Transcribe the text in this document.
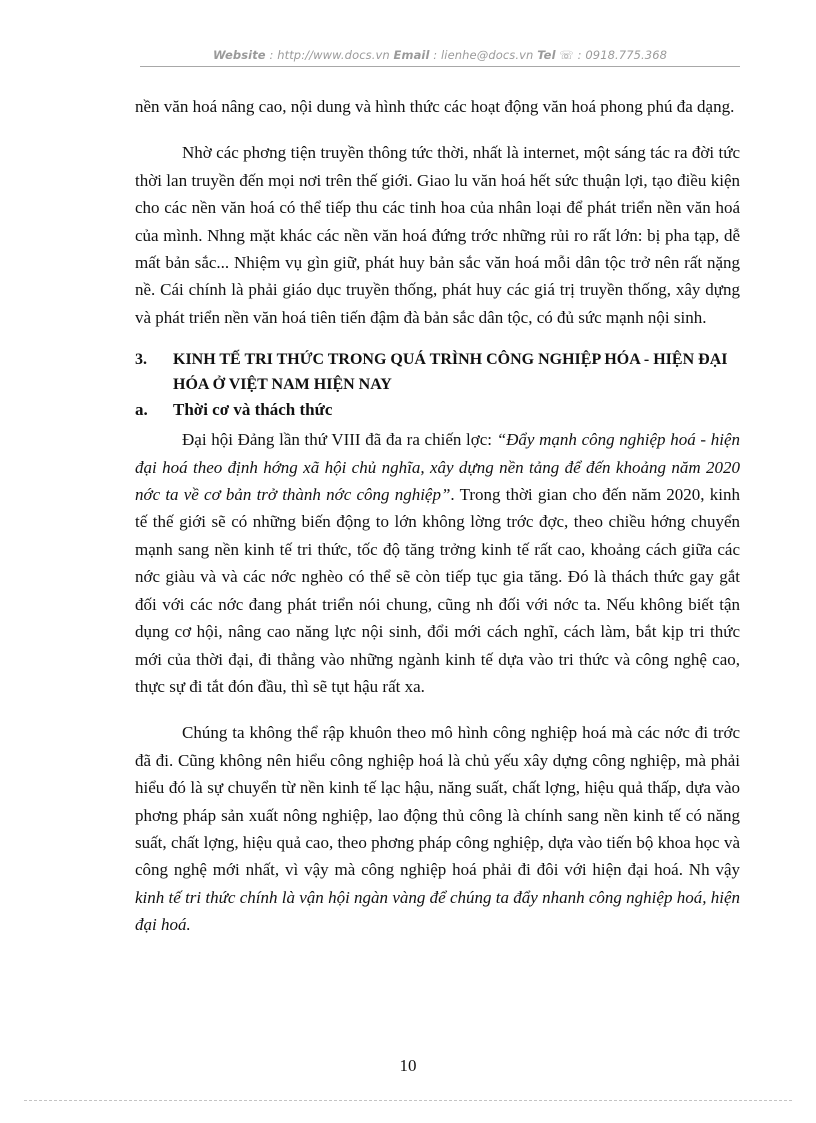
Website : http://www.docs.vn Email : lienhe@docs.vn Tel ☏ : 0918.775.368

nền văn hoá nâng cao, nội dung và hình thức các hoạt động văn hoá phong phú đa dạng.

Nhờ các phơng tiện truyền thông tức thời, nhất là internet, một sáng tác ra đời tức thời lan truyền đến mọi nơi trên thế giới. Giao lu văn hoá hết sức thuận lợi, tạo điều kiện cho các nền văn hoá có thể tiếp thu các tinh hoa của nhân loại để phát triển nền văn hoá của mình. Nhng mặt khác các nền văn hoá đứng trớc những rủi ro rất lớn: bị pha tạp, dễ mất bản sắc... Nhiệm vụ gìn giữ, phát huy bản sắc văn hoá mỗi dân tộc trở nên rất nặng nề. Cái chính là phải giáo dục truyền thống, phát huy các giá trị truyền thống, xây dựng và phát triển nền văn hoá tiên tiến đậm đà bản sắc dân tộc, có đủ sức mạnh nội sinh.

3.	KINH TẾ TRI THỨC TRONG QUÁ TRÌNH CÔNG NGHIỆP HÓA - HIỆN ĐẠI HÓA Ở VIỆT NAM HIỆN NAY
a.	Thời cơ và thách thức

Đại hội Đảng lần thứ VIII đã đa ra chiến lợc: “Đẩy mạnh công nghiệp hoá - hiện đại hoá theo định hớng xã hội chủ nghĩa, xây dựng nền tảng để đến khoảng năm 2020 nớc ta về cơ bản trở thành nớc công nghiệp”. Trong thời gian cho đến năm 2020, kinh tế thế giới sẽ có những biến động to lớn không lờng trớc đợc, theo chiều hớng chuyển mạnh sang nền kinh tế tri thức, tốc độ tăng trởng kinh tế rất cao, khoảng cách giữa các nớc giàu và và các nớc nghèo có thể sẽ còn tiếp tục gia tăng. Đó là thách thức gay gắt đối với các nớc đang phát triển nói chung, cũng nh đối với nớc ta. Nếu không biết tận dụng cơ hội, nâng cao năng lực nội sinh, đổi mới cách nghĩ, cách làm, bắt kịp tri thức mới của thời đại, đi thẳng vào những ngành kinh tế dựa vào tri thức và công nghệ cao, thực sự đi tắt đón đầu, thì sẽ tụt hậu rất xa.

Chúng ta không thể rập khuôn theo mô hình công nghiệp hoá mà các nớc đi trớc đã đi. Cũng không nên hiểu công nghiệp hoá là chủ yếu xây dựng công nghiệp, mà phải hiểu đó là sự chuyển từ nền kinh tế lạc hậu, năng suất, chất lợng, hiệu quả thấp, dựa vào phơng pháp sản xuất nông nghiệp, lao động thủ công là chính sang nền kinh tế có năng suất, chất lợng, hiệu quả cao, theo phơng pháp công nghiệp, dựa vào tiến bộ khoa học và công nghệ mới nhất, vì vậy mà công nghiệp hoá phải đi đôi với hiện đại hoá. Nh vậy kinh tế tri thức chính là vận hội ngàn vàng để chúng ta đẩy nhanh công nghiệp hoá, hiện đại hoá.

10
